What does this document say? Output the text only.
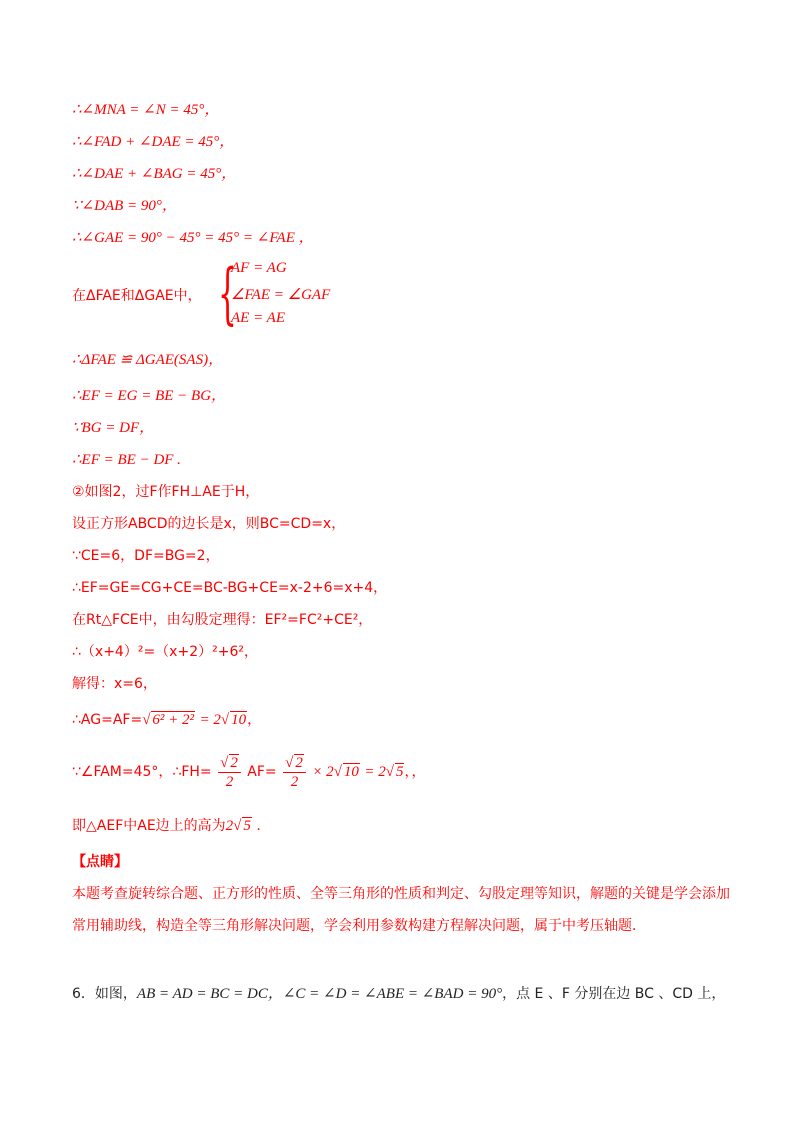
∴∠MNA = ∠N = 45°，
∴∠FAD + ∠DAE = 45°，
∴∠DAE + ∠BAG = 45°，
∵∠DAB = 90°，
∴∠GAE = 90° − 45° = 45° = ∠FAE ，
在ΔFAE和ΔGAE中， {
AF = AG
∠FAE = ∠GAF
AE = AE
∴ΔFAE ≌ ΔGAE(SAS)，
∴EF = EG = BE − BG，
∵BG = DF，
∴EF = BE − DF .
②如图2，过F作FH⊥AE于H，
设正方形ABCD的边长是x，则BC=CD=x，
∵CE=6，DF=BG=2，
∴EF=GE=CG+CE=BC-BG+CE=x-2+6=x+4，
在Rt△FCE中，由勾股定理得：EF²=FC²+CE²，
∴（x+4）²=（x+2）²+6²，
解得：x=6，
∴AG=AF=√ 6² + 2² = 2√ 10，
∵∠FAM=45°，∴FH= $\frac{√ 2}{2} AF= \frac{√ 2}{2} \times 2√$ 10 = 2√ 5，，
即△AEF中AE边上的高为2√ 5 .
【点睛】
本题考查旋转综合题、正方形的性质、全等三角形的性质和判定、勾股定理等知识，解题的关键是学会添加常用辅助线，构造全等三角形解决问题，学会利用参数构建方程解决问题，属于中考压轴题．
6．如图，AB = AD = BC = DC，∠C = ∠D = ∠ABE = ∠BAD = 90°，点 E 、F 分别在边 BC 、CD 上，
